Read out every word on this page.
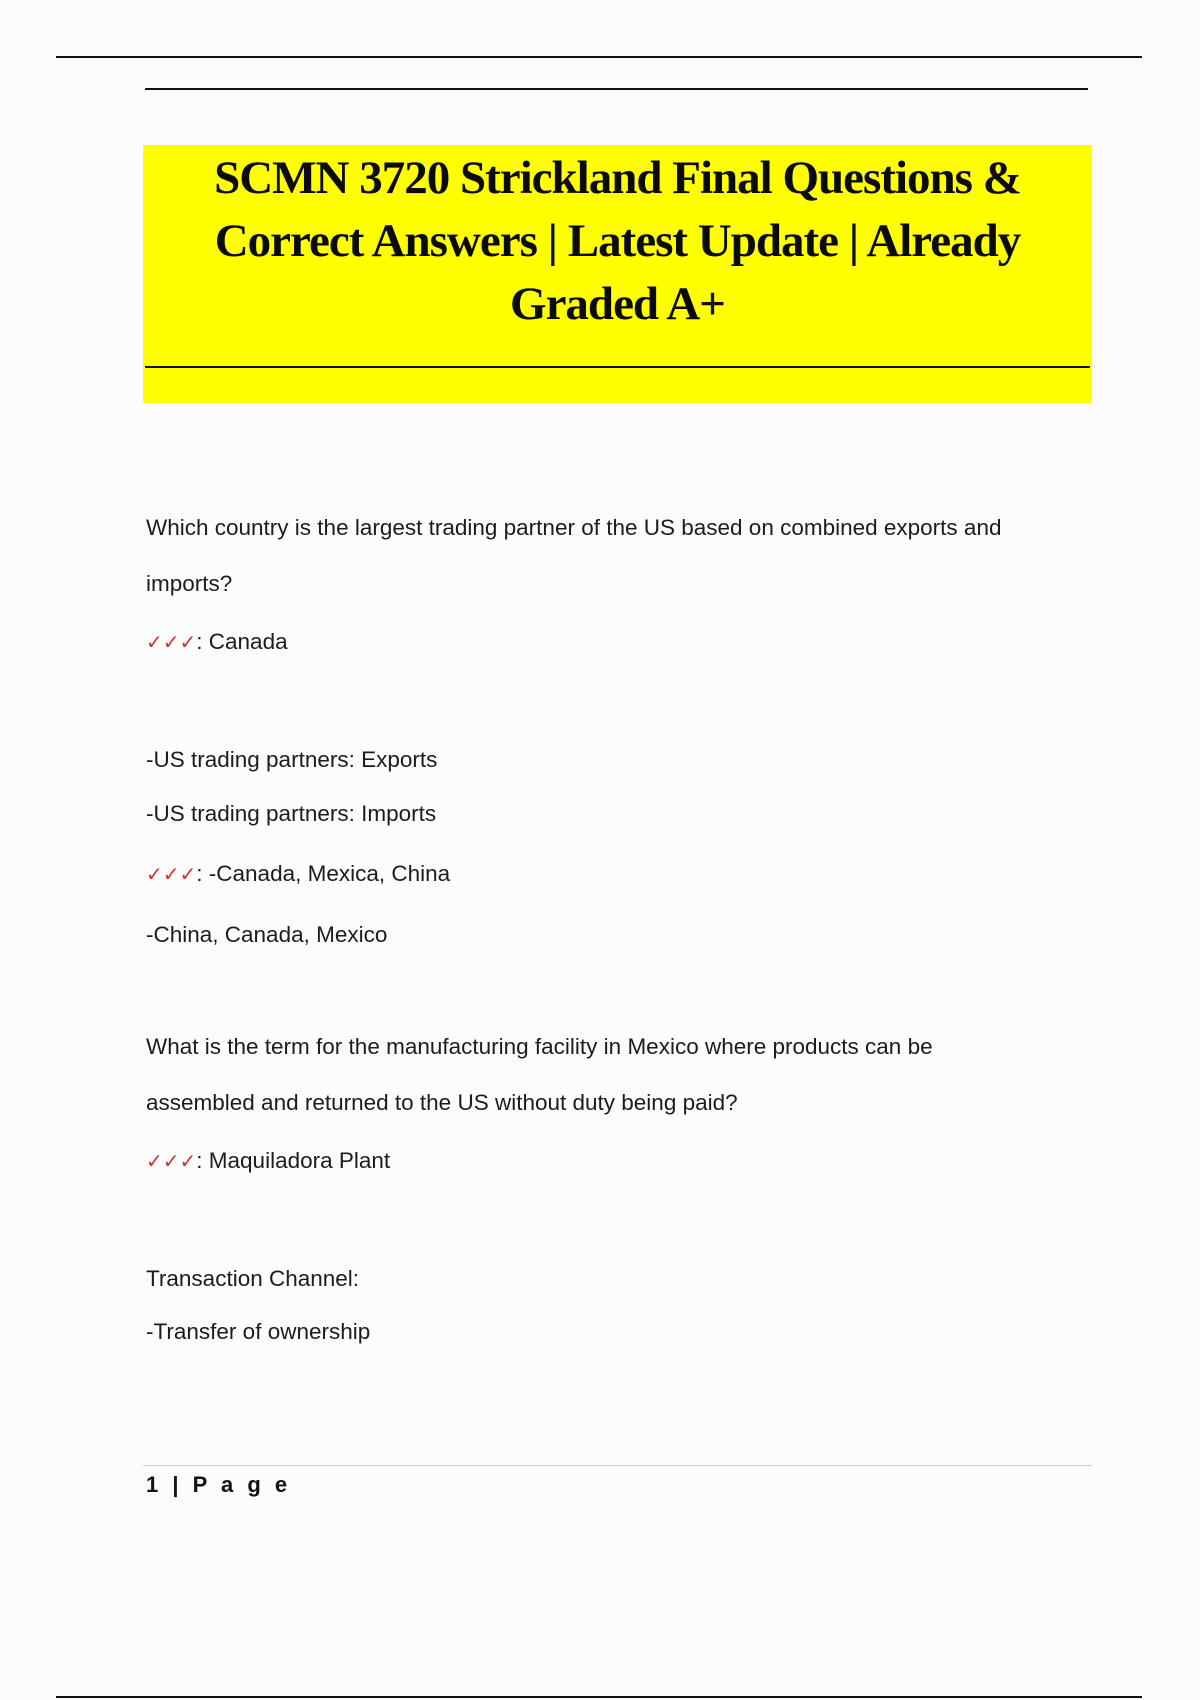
SCMN 3720 Strickland Final Questions & Correct Answers | Latest Update | Already Graded A+
Which country is the largest trading partner of the US based on combined exports and
imports?
✓✓✓: Canada
-US trading partners: Exports
-US trading partners: Imports
✓✓✓: -Canada, Mexica, China
-China, Canada, Mexico
What is the term for the manufacturing facility in Mexico where products can be
assembled and returned to the US without duty being paid?
✓✓✓: Maquiladora Plant
Transaction Channel:
-Transfer of ownership
1 | P a g e
